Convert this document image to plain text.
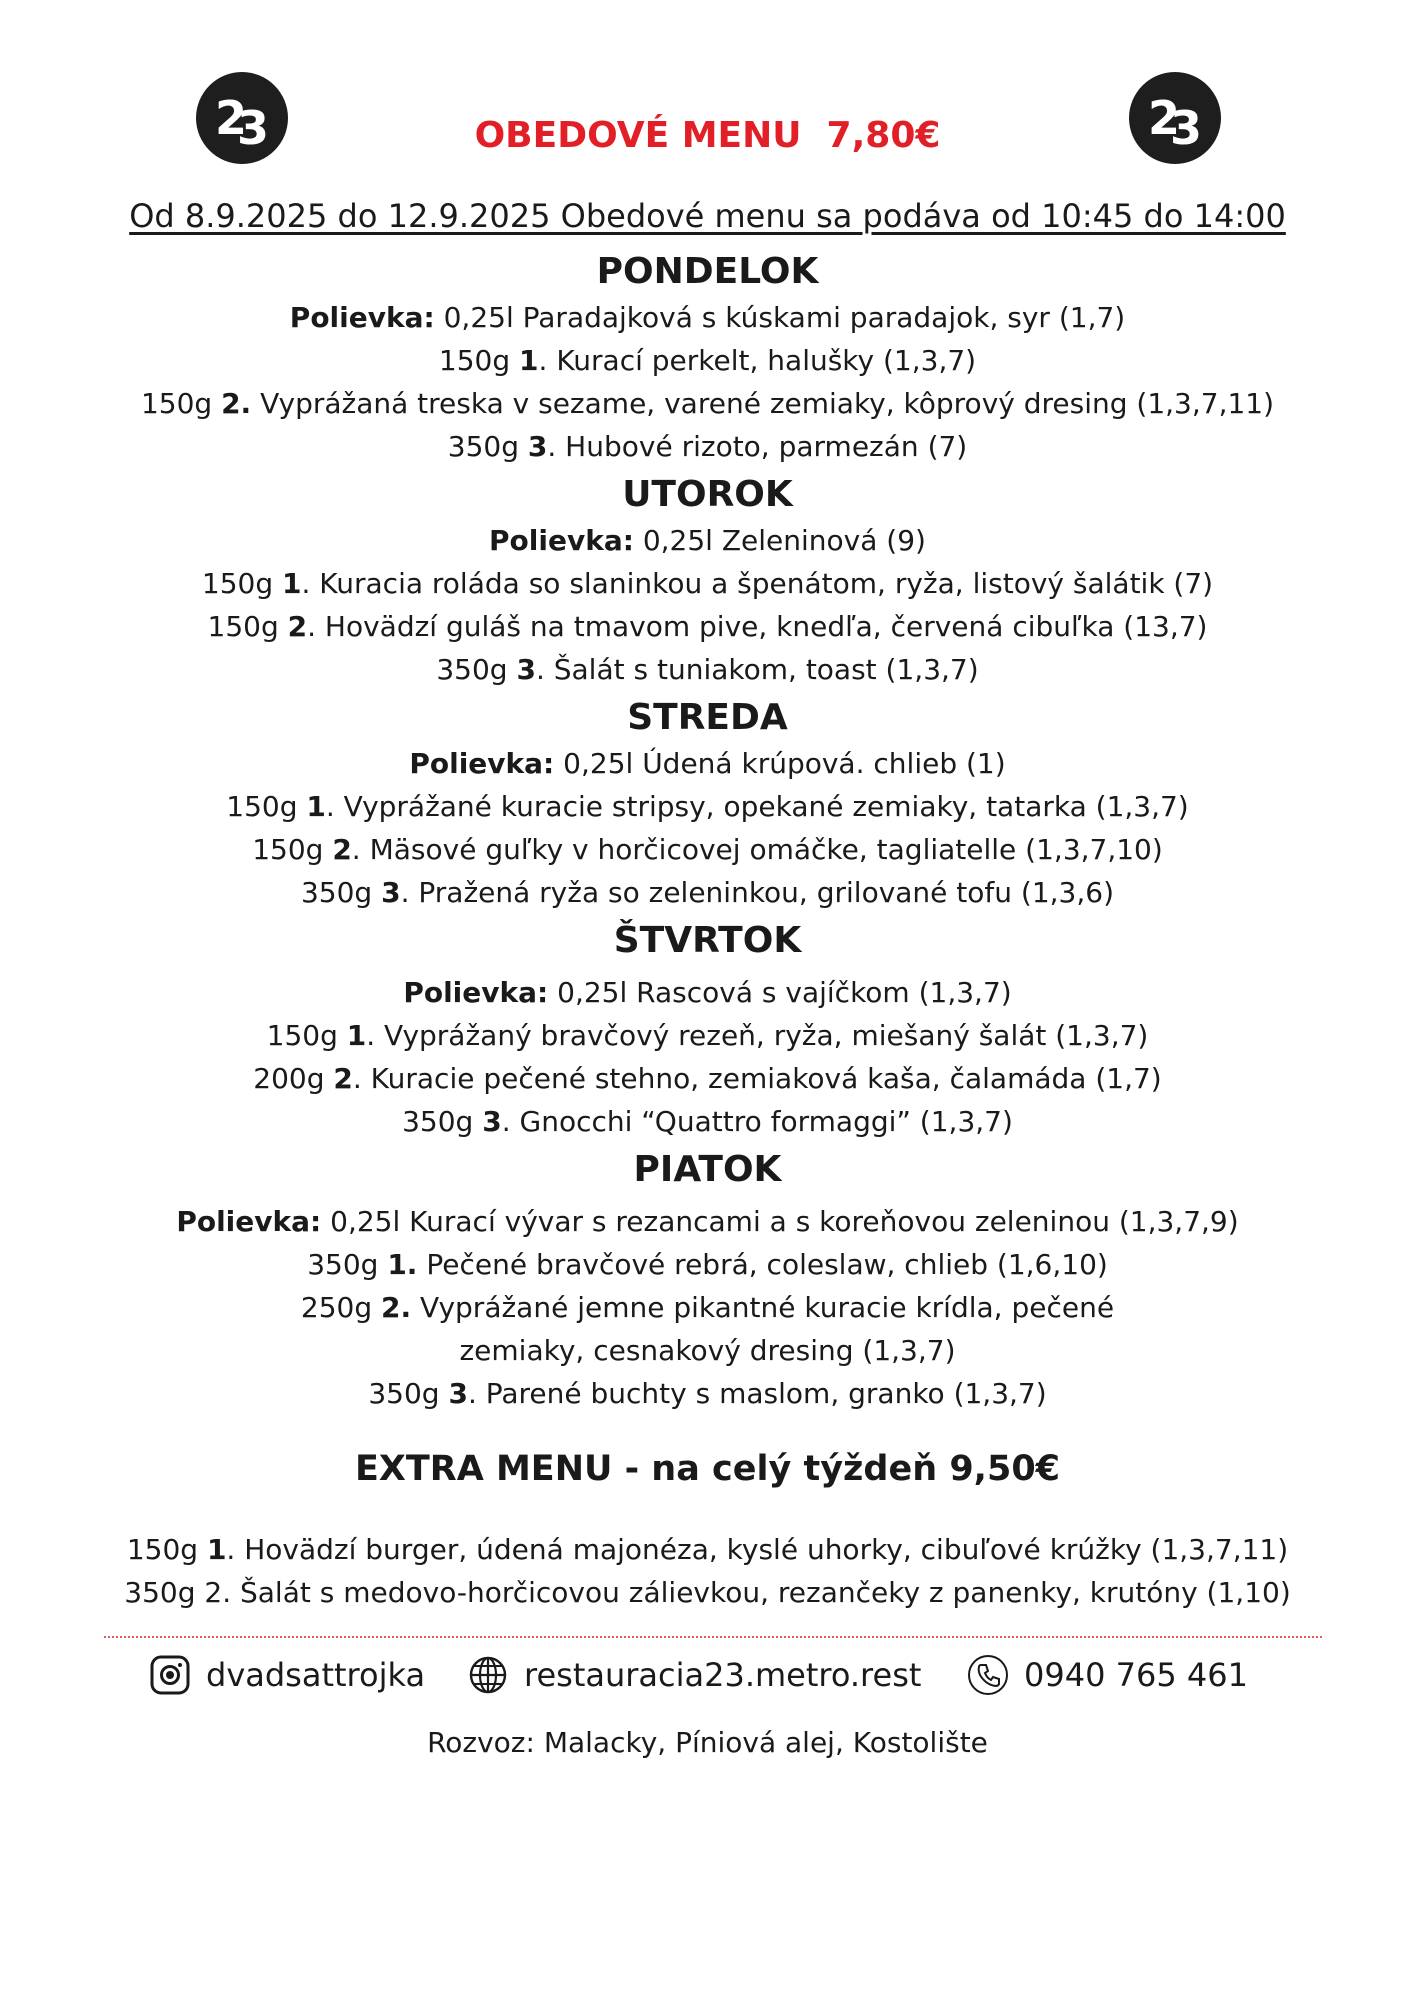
23	23
OBEDOVÉ MENU  7,80€
Od 8.9.2025 do 12.9.2025 Obedové menu sa podáva od 10:45 do 14:00

PONDELOK

Polievka: 0,25l Paradajková s kúskami paradajok, syr (1,7)

150g 1. Kurací perkelt, halušky (1,3,7)

150g 2. Vyprážaná treska v sezame, varené zemiaky, kôprový dresing (1,3,7,11)

350g 3. Hubové rizoto, parmezán (7)

UTOROK

Polievka: 0,25l Zeleninová (9)

150g 1. Kuracia roláda so slaninkou a špenátom, ryža, listový šalátik (7)

150g 2. Hovädzí guláš na tmavom pive, knedľa, červená cibuľka (13,7)

350g 3. Šalát s tuniakom, toast (1,3,7)

STREDA

Polievka: 0,25l Údená krúpová. chlieb (1)

150g 1. Vyprážané kuracie stripsy, opekané zemiaky, tatarka (1,3,7)

150g 2. Mäsové guľky v horčicovej omáčke, tagliatelle (1,3,7,10)

350g 3. Pražená ryža so zeleninkou, grilované tofu (1,3,6)

ŠTVRTOK

Polievka: 0,25l Rascová s vajíčkom (1,3,7)

150g 1. Vyprážaný bravčový rezeň, ryža, miešaný šalát (1,3,7)

200g 2. Kuracie pečené stehno, zemiaková kaša, čalamáda (1,7)

350g 3. Gnocchi “Quattro formaggi” (1,3,7)

PIATOK

Polievka: 0,25l Kurací vývar s rezancami a s koreňovou zeleninou (1,3,7,9)

350g 1. Pečené bravčové rebrá, coleslaw, chlieb (1,6,10)

250g 2. Vyprážané jemne pikantné kuracie krídla, pečené zemiaky, cesnakový dresing (1,3,7)

350g 3. Parené buchty s maslom, granko (1,3,7)

EXTRA MENU - na celý týždeň 9,50€

150g 1. Hovädzí burger, údená majonéza, kyslé uhorky, cibuľové krúžky (1,3,7,11)

350g 2. Šalát s medovo-horčicovou zálievkou, rezančeky z panenky, krutóny (1,10)

dvadsattrojka	restauracia23.metro.rest	0940 765 461
Rozvoz: Malacky, Píniová alej, Kostolište
